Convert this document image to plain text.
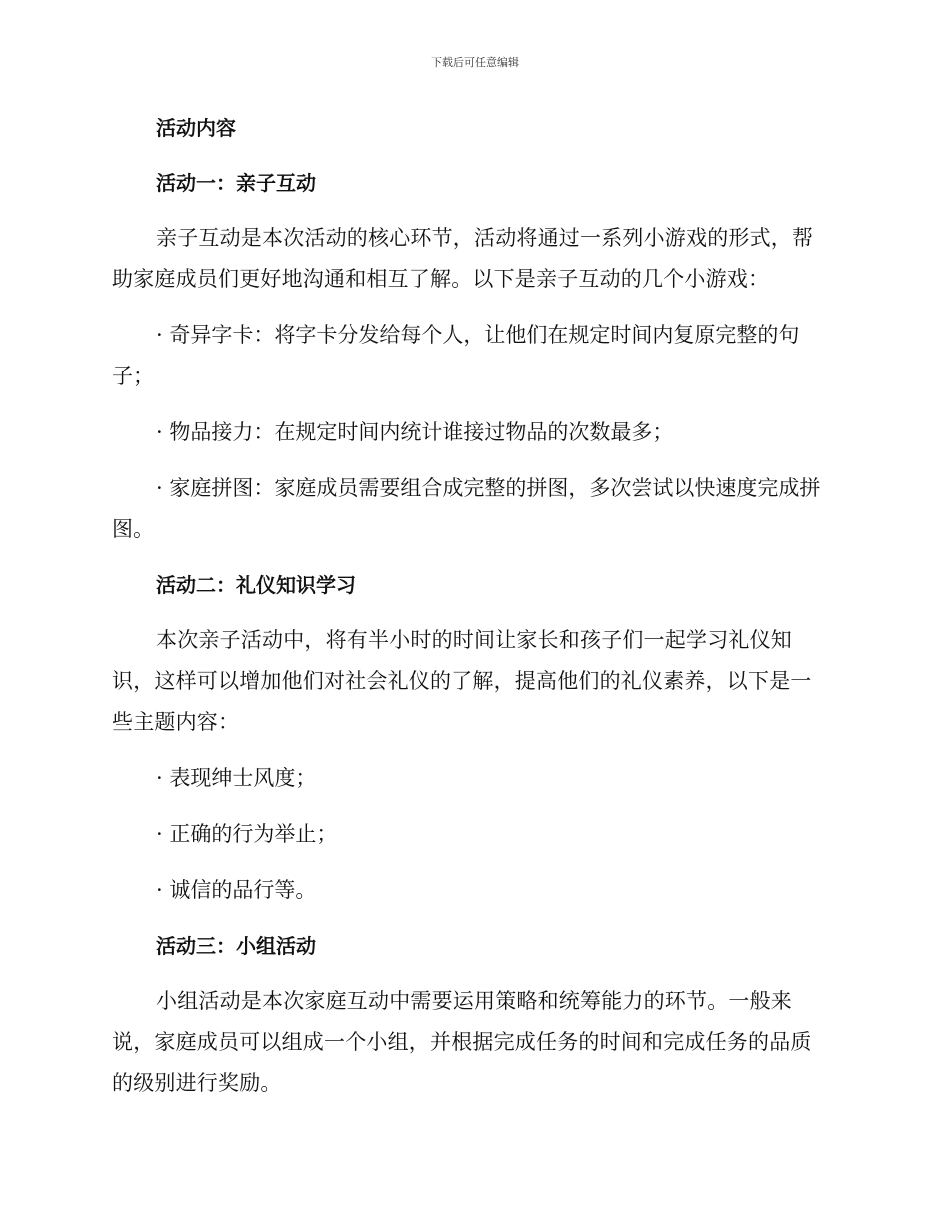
下载后可任意编辑
活动内容
活动一：亲子互动

亲子互动是本次活动的核心环节，活动将通过一系列小游戏的形式，帮助家庭成员们更好地沟通和相互了解。以下是亲子互动的几个小游戏：

· 奇异字卡：将字卡分发给每个人，让他们在规定时间内复原完整的句子；

· 物品接力：在规定时间内统计谁接过物品的次数最多；

· 家庭拼图：家庭成员需要组合成完整的拼图，多次尝试以快速度完成拼图。

活动二：礼仪知识学习

本次亲子活动中，将有半小时的时间让家长和孩子们一起学习礼仪知识，这样可以增加他们对社会礼仪的了解，提高他们的礼仪素养，以下是一些主题内容：

· 表现绅士风度；

· 正确的行为举止；

· 诚信的品行等。

活动三：小组活动

小组活动是本次家庭互动中需要运用策略和统筹能力的环节。一般来说，家庭成员可以组成一个小组，并根据完成任务的时间和完成任务的品质的级别进行奖励。
